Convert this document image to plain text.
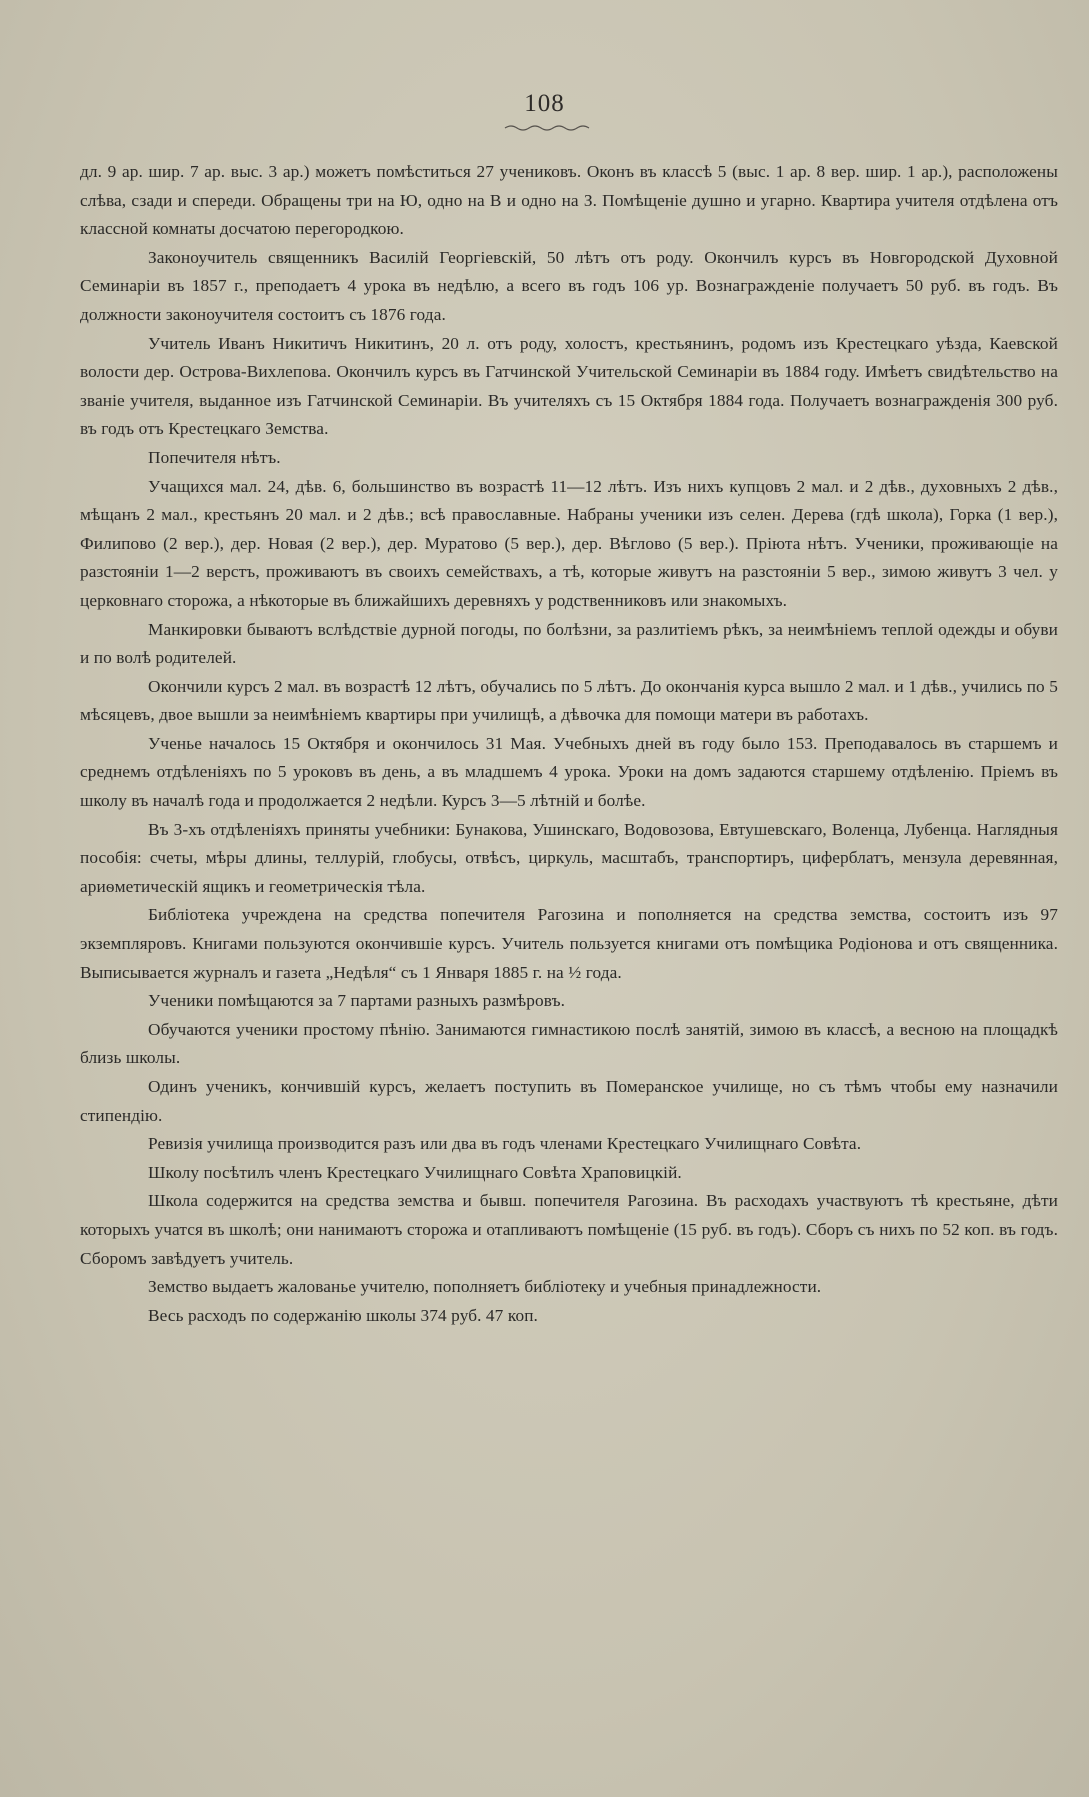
108

дл. 9 ар. шир. 7 ар. выс. 3 ар.) можетъ помѣститься 27 учениковъ. Оконъ въ классѣ 5 (выс. 1 ар. 8 вер. шир. 1 ар.), расположены слѣва, сзади и спереди. Обращены три на Ю, одно на В и одно на З. Помѣщеніе душно и угарно. Квартира учителя отдѣлена отъ классной комнаты досчатою перегородкою.

Законоучитель священникъ Василій Георгіевскій, 50 лѣтъ отъ роду. Окончилъ курсъ въ Новгородской Духовной Семинаріи въ 1857 г., преподаетъ 4 урока въ недѣлю, а всего въ годъ 106 ур. Вознагражденіе получаетъ 50 руб. въ годъ. Въ должности законоучителя состоитъ съ 1876 года.

Учитель Иванъ Никитичъ Никитинъ, 20 л. отъ роду, холостъ, крестьянинъ, родомъ изъ Крестецкаго уѣзда, Каевской волости дер. Острова-Вихлепова. Окончилъ курсъ въ Гатчинской Учительской Семинаріи въ 1884 году. Имѣетъ свидѣтельство на званіе учителя, выданное изъ Гатчинской Семинаріи. Въ учителяхъ съ 15 Октября 1884 года. Получаетъ вознагражденія 300 руб. въ годъ отъ Крестецкаго Земства.

Попечителя нѣтъ.

Учащихся мал. 24, дѣв. 6, большинство въ возрастѣ 11—12 лѣтъ. Изъ нихъ купцовъ 2 мал. и 2 дѣв., духовныхъ 2 дѣв., мѣщанъ 2 мал., крестьянъ 20 мал. и 2 дѣв.; всѣ православные. Набраны ученики изъ селен. Дерева (гдѣ школа), Горка (1 вер.), Филипово (2 вер.), дер. Новая (2 вер.), дер. Муратово (5 вер.), дер. Вѣглово (5 вер.). Пріюта нѣтъ. Ученики, проживающіе на разстояніи 1—2 верстъ, проживаютъ въ своихъ семействахъ, а тѣ, которые живутъ на разстояніи 5 вер., зимою живутъ 3 чел. у церковнаго сторожа, а нѣкоторые въ ближайшихъ деревняхъ у родственниковъ или знакомыхъ.

Манкировки бываютъ вслѣдствіе дурной погоды, по болѣзни, за разлитіемъ рѣкъ, за неимѣніемъ теплой одежды и обуви и по волѣ родителей.

Окончили курсъ 2 мал. въ возрастѣ 12 лѣтъ, обучались по 5 лѣтъ. До окончанія курса вышло 2 мал. и 1 дѣв., учились по 5 мѣсяцевъ, двое вышли за неимѣніемъ квартиры при училищѣ, а дѣвочка для помощи матери въ работахъ.

Ученье началось 15 Октября и окончилось 31 Мая. Учебныхъ дней въ году было 153. Преподавалось въ старшемъ и среднемъ отдѣленіяхъ по 5 уроковъ въ день, а въ младшемъ 4 урока. Уроки на домъ задаются старшему отдѣленію. Пріемъ въ школу въ началѣ года и продолжается 2 недѣли. Курсъ 3—5 лѣтній и болѣе.

Въ 3-хъ отдѣленіяхъ приняты учебники: Бунакова, Ушинскаго, Водовозова, Евтушевскаго, Воленца, Лубенца. Наглядныя пособія: счеты, мѣры длины, теллурій, глобусы, отвѣсъ, циркуль, масштабъ, транспортиръ, циферблатъ, мензула деревянная, ариѳметическій ящикъ и геометрическія тѣла.

Библіотека учреждена на средства попечителя Рагозина и пополняется на средства земства, состоитъ изъ 97 экземпляровъ. Книгами пользуются окончившіе курсъ. Учитель пользуется книгами отъ помѣщика Родіонова и отъ священника. Выписывается журналъ и газета „Недѣля“ съ 1 Января 1885 г. на ½ года.

Ученики помѣщаются за 7 партами разныхъ размѣровъ.

Обучаются ученики простому пѣнію. Занимаются гимнастикою послѣ занятій, зимою въ классѣ, а весною на площадкѣ близь школы.

Одинъ ученикъ, кончившій курсъ, желаетъ поступить въ Померанское училище, но съ тѣмъ чтобы ему назначили стипендію.

Ревизія училища производится разъ или два въ годъ членами Крестецкаго Училищнаго Совѣта.

Школу посѣтилъ членъ Крестецкаго Училищнаго Совѣта Храповицкій.

Школа содержится на средства земства и бывш. попечителя Рагозина. Въ расходахъ участвуютъ тѣ крестьяне, дѣти которыхъ учатся въ школѣ; они нанимаютъ сторожа и отапливаютъ помѣщеніе (15 руб. въ годъ). Сборъ съ нихъ по 52 коп. въ годъ. Сборомъ завѣдуетъ учитель.

Земство выдаетъ жалованье учителю, пополняетъ библіотеку и учебныя принадлежности.

Весь расходъ по содержанію школы 374 руб. 47 коп.
